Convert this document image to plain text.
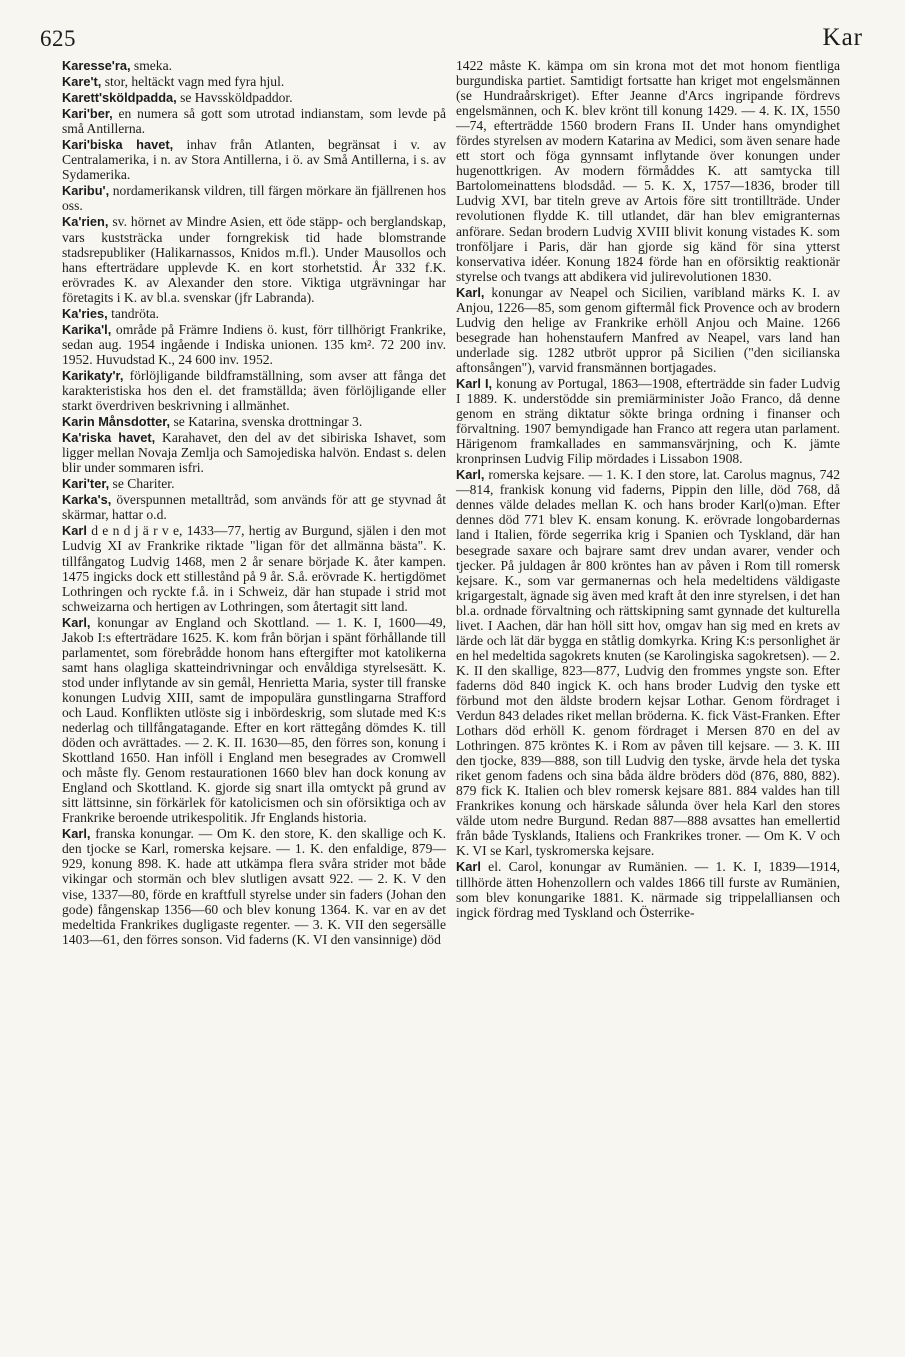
625	Kar

Karesse'ra, smeka.

Kare't, stor, heltäckt vagn med fyra hjul.

Karett'sköldpadda, se Havssköldpaddor.

Kari'ber, en numera så gott som utrotad indianstam, som levde på små Antillerna.

Kari'biska havet, inhav från Atlanten, begränsat i v. av Centralamerika, i n. av Stora Antillerna, i ö. av Små Antillerna, i s. av Sydamerika.

Karibu', nordamerikansk vildren, till färgen mörkare än fjällrenen hos oss.

Ka'rien, sv. hörnet av Mindre Asien, ett öde stäpp- och berglandskap, vars kuststräcka under forngrekisk tid hade blomstrande stadsrepubliker (Halikarnassos, Knidos m.fl.). Under Mausollos och hans efterträdare upplevde K. en kort storhetstid. År 332 f.K. erövrades K. av Alexander den store. Viktiga utgrävningar har företagits i K. av bl.a. svenskar (jfr Labranda).

Ka'ries, tandröta.

Karika'l, område på Främre Indiens ö. kust, förr tillhörigt Frankrike, sedan aug. 1954 ingående i Indiska unionen. 135 km². 72 200 inv. 1952. Huvudstad K., 24 600 inv. 1952.

Karikaty'r, förlöjligande bildframställning, som avser att fånga det karakteristiska hos den el. det framställda; även förlöjligande eller starkt överdriven beskrivning i allmänhet.

Karin Månsdotter, se Katarina, svenska drottningar 3.

Ka'riska havet, Karahavet, den del av det sibiriska Ishavet, som ligger mellan Novaja Zemlja och Samojediska halvön. Endast s. delen blir under sommaren isfri.

Kari'ter, se Chariter.

Karka's, överspunnen metalltråd, som används för att ge styvnad åt skärmar, hattar o.d.

Karl d e n d j ä r v e, 1433—77, hertig av Burgund, själen i den mot Ludvig XI av Frankrike riktade "ligan för det allmänna bästa". K. tillfångatog Ludvig 1468, men 2 år senare började K. åter kampen. 1475 ingicks dock ett stillestånd på 9 år. S.å. erövrade K. hertigdömet Lothringen och ryckte f.å. in i Schweiz, där han stupade i strid mot schweizarna och hertigen av Lothringen, som återtagit sitt land.

Karl, konungar av England och Skottland. — 1. K. I, 1600—49, Jakob I:s efterträdare 1625. K. kom från början i spänt förhållande till parlamentet, som förebrådde honom hans eftergifter mot katolikerna samt hans olagliga skatteindrivningar och envåldiga styrelsesätt. K. stod under inflytande av sin gemål, Henrietta Maria, syster till franske konungen Ludvig XIII, samt de impopulära gunstlingarna Strafford och Laud. Konflikten utlöste sig i inbördeskrig, som slutade med K:s nederlag och tillfångatagande. Efter en kort rättegång dömdes K. till döden och avrättades. — 2. K. II. 1630—85, den förres son, konung i Skottland 1650. Han inföll i England men besegrades av Cromwell och måste fly. Genom restaurationen 1660 blev han dock konung av England och Skottland. K. gjorde sig snart illa omtyckt på grund av sitt lättsinne, sin förkärlek för katolicismen och sin oförsiktiga och av Frankrike beroende utrikespolitik. Jfr Englands historia.

Karl, franska konungar. — Om K. den store, K. den skallige och K. den tjocke se Karl, romerska kejsare. — 1. K. den enfaldige, 879—929, konung 898. K. hade att utkämpa flera svåra strider mot både vikingar och stormän och blev slutligen avsatt 922. — 2. K. V den vise, 1337—80, förde en kraftfull styrelse under sin faders (Johan den gode) fångenskap 1356—60 och blev konung 1364. K. var en av det medeltida Frankrikes dugligaste regenter. — 3. K. VII den segersälle 1403—61, den förres sonson. Vid faderns (K. VI den vansinnige) död

1422 måste K. kämpa om sin krona mot det mot honom fientliga burgundiska partiet. Samtidigt fortsatte han kriget mot engelsmännen (se Hundraårskriget). Efter Jeanne d'Arcs ingripande fördrevs engelsmännen, och K. blev krönt till konung 1429. — 4. K. IX, 1550—74, efterträdde 1560 brodern Frans II. Under hans omyndighet fördes styrelsen av modern Katarina av Medici, som även senare hade ett stort och föga gynnsamt inflytande över konungen under hugenottkrigen. Av modern förmåddes K. att samtycka till Bartolomeinattens blodsdåd. — 5. K. X, 1757—1836, broder till Ludvig XVI, bar titeln greve av Artois före sitt trontillträde. Under revolutionen flydde K. till utlandet, där han blev emigranternas anförare. Sedan brodern Ludvig XVIII blivit konung vistades K. som tronföljare i Paris, där han gjorde sig känd för sina ytterst konservativa idéer. Konung 1824 förde han en oförsiktig reaktionär styrelse och tvangs att abdikera vid julirevolutionen 1830.

Karl, konungar av Neapel och Sicilien, varibland märks K. I. av Anjou, 1226—85, som genom giftermål fick Provence och av brodern Ludvig den helige av Frankrike erhöll Anjou och Maine. 1266 besegrade han hohenstaufern Manfred av Neapel, vars land han underlade sig. 1282 utbröt uppror på Sicilien ("den sicilianska aftonsången"), varvid fransmännen bortjagades.

Karl I, konung av Portugal, 1863—1908, efterträdde sin fader Ludvig I 1889. K. understödde sin premiärminister João Franco, då denne genom en sträng diktatur sökte bringa ordning i finanser och förvaltning. 1907 bemyndigade han Franco att regera utan parlament. Härigenom framkallades en sammansvärjning, och K. jämte kronprinsen Ludvig Filip mördades i Lissabon 1908.

Karl, romerska kejsare. — 1. K. I den store, lat. Carolus magnus, 742—814, frankisk konung vid faderns, Pippin den lille, död 768, då dennes välde delades mellan K. och hans broder Karl(o)man. Efter dennes död 771 blev K. ensam konung. K. erövrade longobardernas land i Italien, förde segerrika krig i Spanien och Tyskland, där han besegrade saxare och bajrare samt drev undan avarer, vender och tjecker. På juldagen år 800 kröntes han av påven i Rom till romersk kejsare. K., som var germanernas och hela medeltidens väldigaste krigargestalt, ägnade sig även med kraft åt den inre styrelsen, i det han bl.a. ordnade förvaltning och rättskipning samt gynnade det kulturella livet. I Aachen, där han höll sitt hov, omgav han sig med en krets av lärde och lät där bygga en ståtlig domkyrka. Kring K:s personlighet är en hel medeltida sagokrets knuten (se Karolingiska sagokretsen). — 2. K. II den skallige, 823—877, Ludvig den frommes yngste son. Efter faderns död 840 ingick K. och hans broder Ludvig den tyske ett förbund mot den äldste brodern kejsar Lothar. Genom fördraget i Verdun 843 delades riket mellan bröderna. K. fick Väst-Franken. Efter Lothars död erhöll K. genom fördraget i Mersen 870 en del av Lothringen. 875 kröntes K. i Rom av påven till kejsare. — 3. K. III den tjocke, 839—888, son till Ludvig den tyske, ärvde hela det tyska riket genom fadens och sina båda äldre bröders död (876, 880, 882). 879 fick K. Italien och blev romersk kejsare 881. 884 valdes han till Frankrikes konung och härskade sålunda över hela Karl den stores välde utom nedre Burgund. Redan 887—888 avsattes han emellertid från både Tysklands, Italiens och Frankrikes troner. — Om K. V och K. VI se Karl, tyskromerska kejsare.

Karl el. Carol, konungar av Rumänien. — 1. K. I, 1839—1914, tillhörde ätten Hohenzollern och valdes 1866 till furste av Rumänien, som blev konungarike 1881. K. närmade sig trippelalliansen och ingick fördrag med Tyskland och Österrike-
